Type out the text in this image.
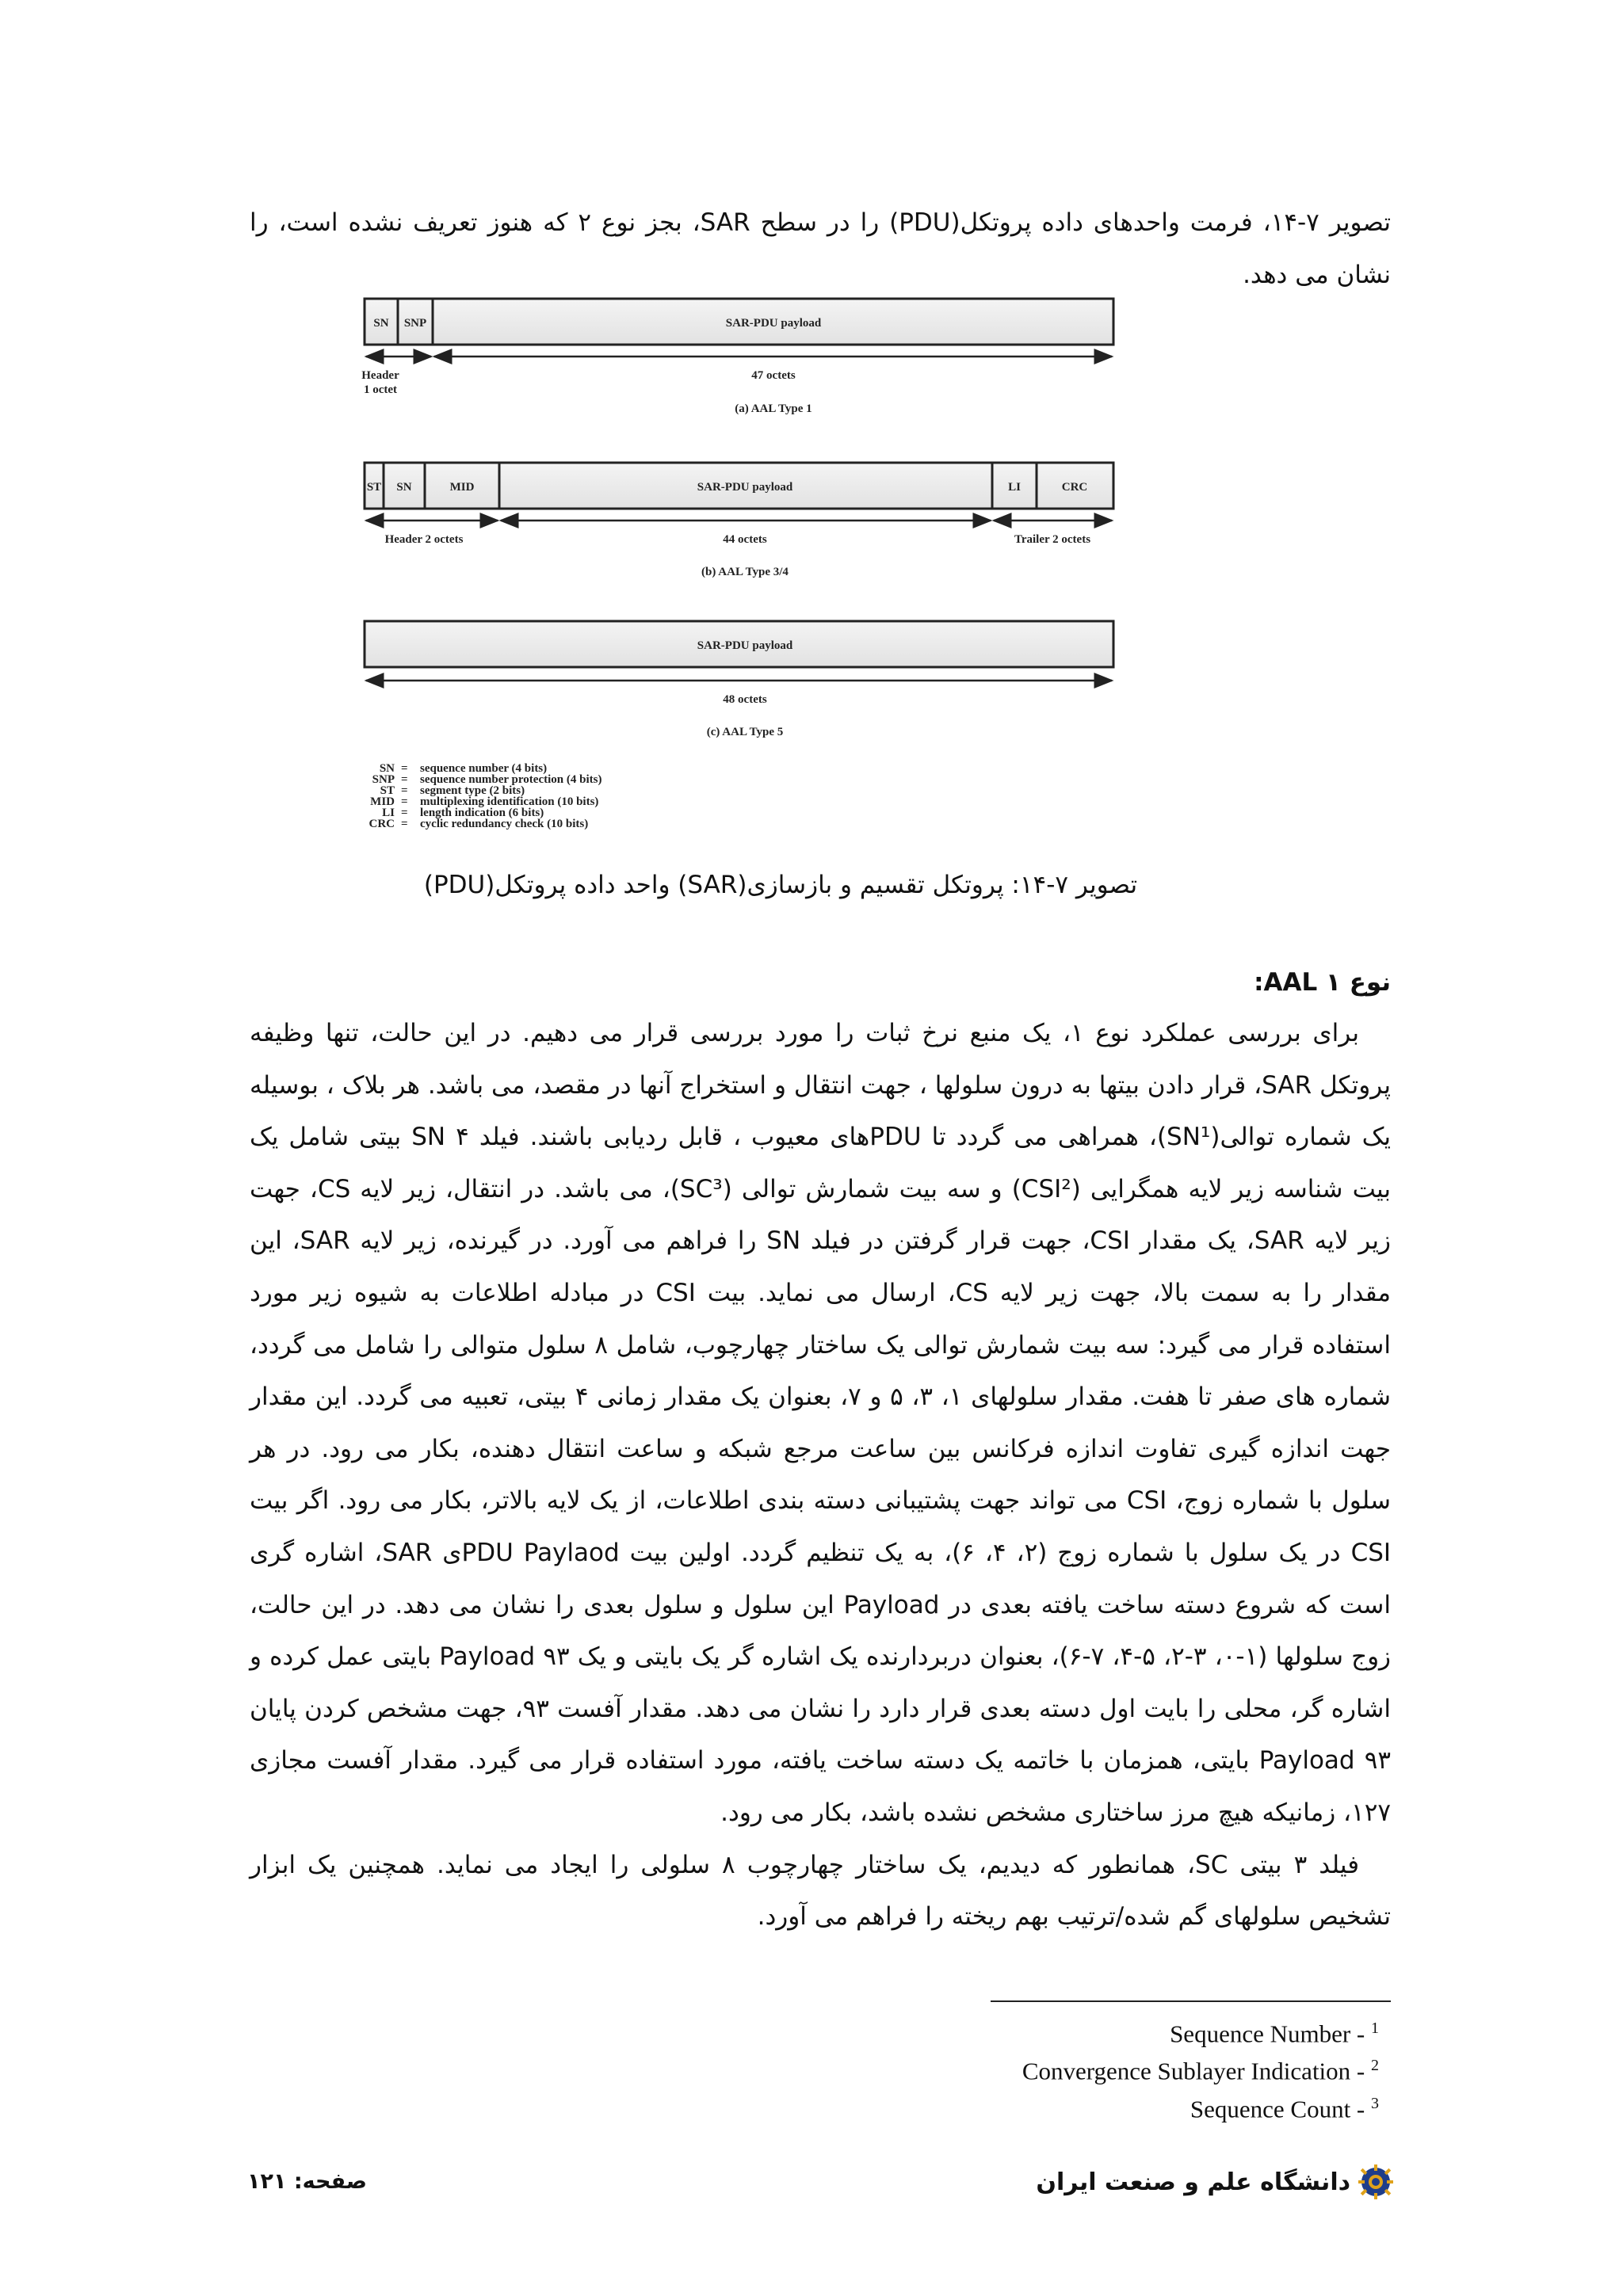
تصویر ۷-۱۴، فرمت واحدهای داده پروتکل(PDU) را در سطح SAR، بجز نوع ۲ که هنوز تعریف نشده است، را نشان می دهد.

SN SNP	SAR-PDU payload
Header
1 octet
47 octets
(a) AAL Type 1
ST SN	MID	SAR-PDU payload	LI	CRC
Header 2 octets	44 octets	Trailer 2 octets
(b) AAL Type 3/4
SAR-PDU payload
48 octets
(c) AAL Type 5
SN = sequence number (4 bits)
SNP = sequence number protection (4 bits)
ST = segment type (2 bits)
MID = multiplexing identification (10 bits)
LI = length indication (6 bits)
CRC = cyclic redundancy check (10 bits)
تصویر ۷-۱۴: پروتکل تقسیم و بازسازی(SAR) واحد داده پروتکل(PDU)
نوع ۱ AAL:

برای بررسی عملکرد نوع ۱، یک منبع نرخ ثبات را مورد بررسی قرار می دهیم. در این حالت، تنها وظیفه پروتکل SAR، قرار دادن بیتها به درون سلولها ، جهت انتقال و استخراج آنها در مقصد، می باشد. هر بلاک ، بوسیله یک شماره توالی(SN¹)، همراهی می گردد تا PDUهای معیوب ، قابل ردیابی باشند. فیلد SN ۴ بیتی شامل یک بیت شناسه زیر لایه همگرایی (CSI²) و سه بیت شمارش توالی (SC³)، می باشد. در انتقال، زیر لایه CS، جهت زیر لایه SAR، یک مقدار CSI، جهت قرار گرفتن در فیلد SN را فراهم می آورد. در گیرنده، زیر لایه SAR، این مقدار را به سمت بالا، جهت زیر لایه CS، ارسال می نماید. بیت CSI در مبادله اطلاعات به شیوه زیر مورد استفاده قرار می گیرد: سه بیت شمارش توالی یک ساختار چهارچوب، شامل ۸ سلول متوالی را شامل می گردد، شماره های صفر تا هفت. مقدار سلولهای ۱، ۳، ۵ و ۷، بعنوان یک مقدار زمانی ۴ بیتی، تعبیه می گردد. این مقدار جهت اندازه گیری تفاوت اندازه فرکانس بین ساعت مرجع شبکه و ساعت انتقال دهنده، بکار می رود. در هر سلول با شماره زوج، CSI می تواند جهت پشتیبانی دسته بندی اطلاعات، از یک لایه بالاتر، بکار می رود. اگر بیت CSI در یک سلول با شماره زوج (۲، ۴، ۶)، به یک تنظیم گردد. اولین بیت PDU Paylaodی SAR، اشاره گری است که شروع دسته ساخت یافته بعدی در Payload این سلول و سلول بعدی را نشان می دهد. در این حالت، زوج سلولها (۱-۰، ۳-۲، ۵-۴، ۷-۶)، بعنوان دربردارنده یک اشاره گر یک بایتی و یک Payload ۹۳ بایتی عمل کرده و اشاره گر، محلی را بایت اول دسته بعدی قرار دارد را نشان می دهد. مقدار آفست ۹۳، جهت مشخص کردن پایان Payload ۹۳ بایتی، همزمان با خاتمه یک دسته ساخت یافته، مورد استفاده قرار می گیرد. مقدار آفست مجازی ۱۲۷، زمانیکه هیچ مرز ساختاری مشخص نشده باشد، بکار می رود.

فیلد ۳ بیتی SC، همانطور که دیدیم، یک ساختار چهارچوب ۸ سلولی را ایجاد می نماید. همچنین یک ابزار تشخیص سلولهای گم شده/ترتیب بهم ریخته را فراهم می آورد.

Sequence Number - $^1$
Convergence Sublayer Indication - $^2$
Sequence Count - $^3$
صفحه: ۱۲۱	دانشگاه علم و صنعت ایران
